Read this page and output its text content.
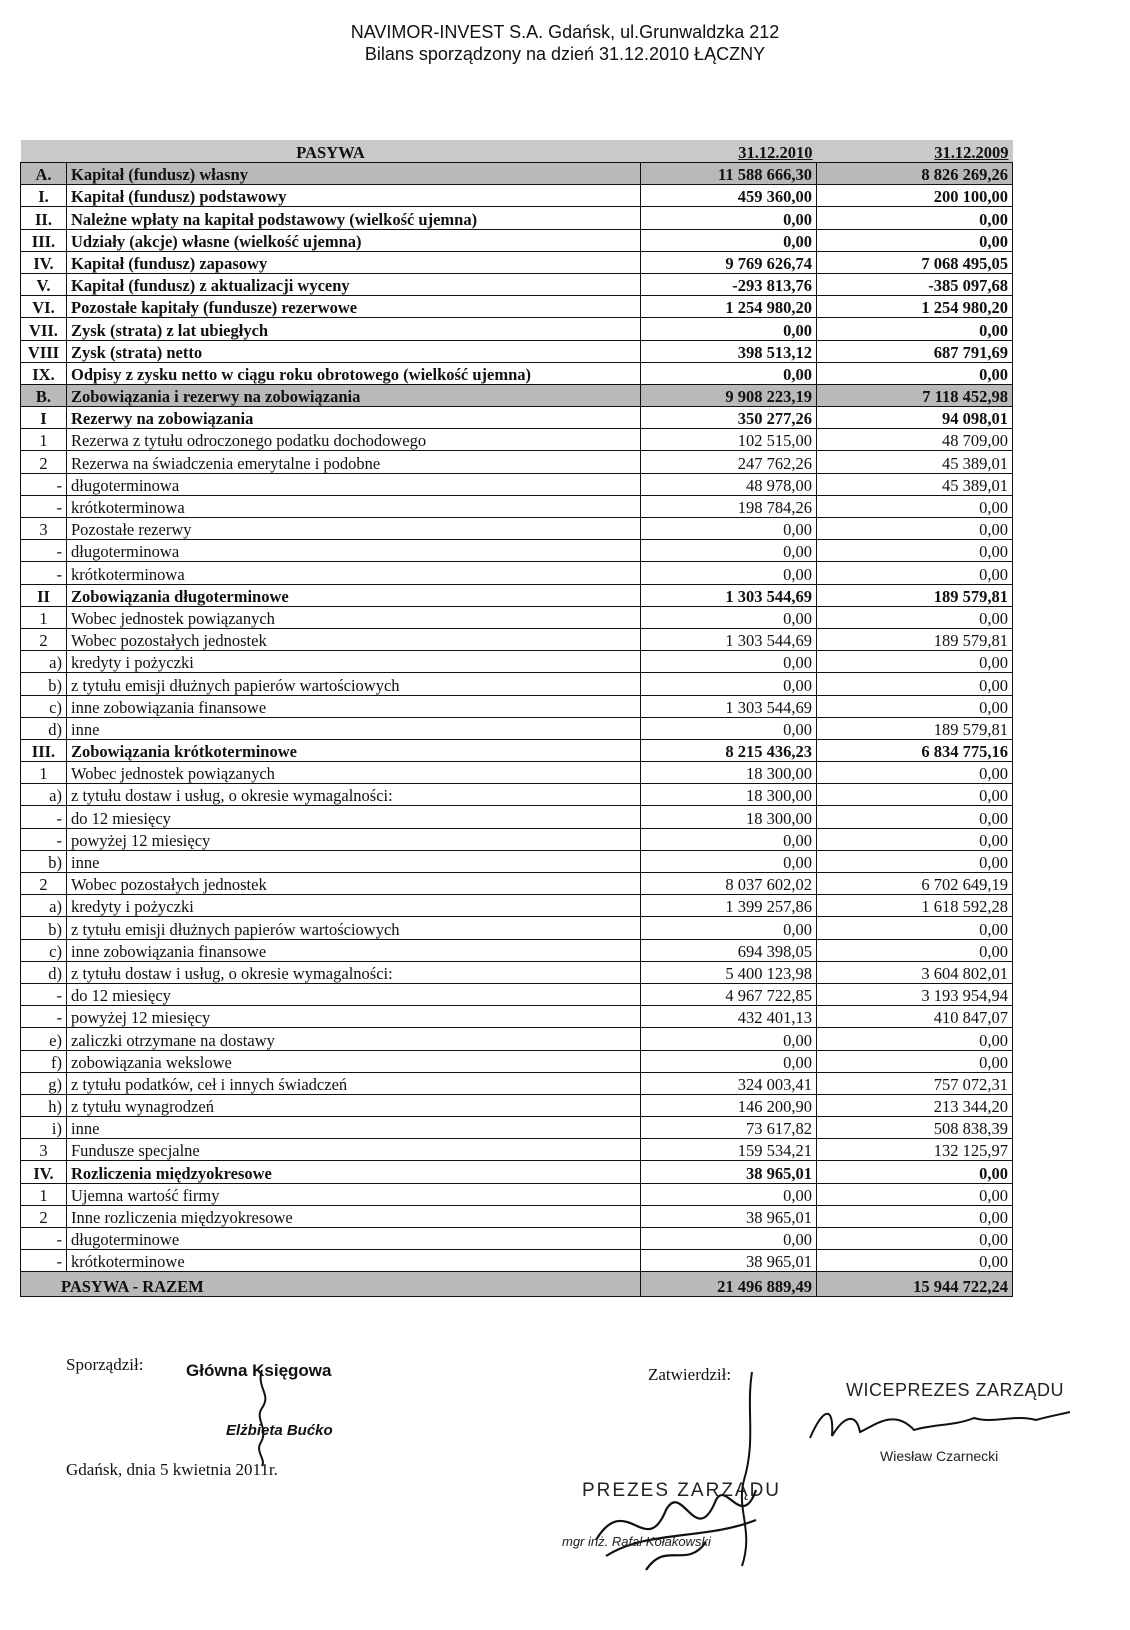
NAVIMOR-INVEST S.A. Gdańsk, ul.Grunwaldzka 212
Bilans sporządzony na dzień 31.12.2010 ŁĄCZNY
PASYWA		31.12.2010	31.12.2009
A.	Kapitał (fundusz) własny	11 588 666,30	8 826 269,26
I.	Kapitał (fundusz) podstawowy	459 360,00	200 100,00
II.	Należne wpłaty na kapitał podstawowy (wielkość ujemna)	0,00	0,00
III.	Udziały (akcje) własne (wielkość ujemna)	0,00	0,00
IV.	Kapitał (fundusz) zapasowy	9 769 626,74	7 068 495,05
V.	Kapitał (fundusz) z aktualizacji wyceny	-293 813,76	-385 097,68
VI.	Pozostałe kapitały (fundusze) rezerwowe	1 254 980,20	1 254 980,20
VII.	Zysk (strata) z lat ubiegłych	0,00	0,00
VIII	Zysk (strata) netto	398 513,12	687 791,69
IX.	Odpisy z zysku netto w ciągu roku obrotowego (wielkość ujemna)	0,00	0,00
B.	Zobowiązania i rezerwy na zobowiązania	9 908 223,19	7 118 452,98
I	Rezerwy na zobowiązania	350 277,26	94 098,01
1	Rezerwa z tytułu odroczonego podatku dochodowego	102 515,00	48 709,00
2	Rezerwa na świadczenia emerytalne i podobne	247 762,26	45 389,01
-	długoterminowa	48 978,00	45 389,01
-	krótkoterminowa	198 784,26	0,00
3	Pozostałe rezerwy	0,00	0,00
-	długoterminowa	0,00	0,00
-	krótkoterminowa	0,00	0,00
II	Zobowiązania długoterminowe	1 303 544,69	189 579,81
1	Wobec jednostek powiązanych	0,00	0,00
2	Wobec pozostałych jednostek	1 303 544,69	189 579,81
a)	kredyty i pożyczki	0,00	0,00
b)	z tytułu emisji dłużnych papierów wartościowych	0,00	0,00
c)	inne zobowiązania finansowe	1 303 544,69	0,00
d)	inne	0,00	189 579,81
III.	Zobowiązania krótkoterminowe	8 215 436,23	6 834 775,16
1	Wobec jednostek powiązanych	18 300,00	0,00
a)	z tytułu dostaw i usług, o okresie wymagalności:	18 300,00	0,00
-	do 12 miesięcy	18 300,00	0,00
-	powyżej 12 miesięcy	0,00	0,00
b)	inne	0,00	0,00
2	Wobec pozostałych jednostek	8 037 602,02	6 702 649,19
a)	kredyty i pożyczki	1 399 257,86	1 618 592,28
b)	z tytułu emisji dłużnych papierów wartościowych	0,00	0,00
c)	inne zobowiązania finansowe	694 398,05	0,00
d)	z tytułu dostaw i usług, o okresie wymagalności:	5 400 123,98	3 604 802,01
-	do 12 miesięcy	4 967 722,85	3 193 954,94
-	powyżej 12 miesięcy	432 401,13	410 847,07
e)	zaliczki otrzymane na dostawy	0,00	0,00
f)	zobowiązania wekslowe	0,00	0,00
g)	z tytułu podatków, ceł i innych świadczeń	324 003,41	757 072,31
h)	z tytułu wynagrodzeń	146 200,90	213 344,20
i)	inne	73 617,82	508 838,39
3	Fundusze specjalne	159 534,21	132 125,97
IV.	Rozliczenia międzyokresowe	38 965,01	0,00
1	Ujemna wartość firmy	0,00	0,00
2	Inne rozliczenia międzyokresowe	38 965,01	0,00
-	długoterminowe	0,00	0,00
-	krótkoterminowe	38 965,01	0,00
PASYWA - RAZEM		21 496 889,49	15 944 722,24
Sporządził:	Główna Księgowa
Elżbieta Bućko
Gdańsk, dnia 5 kwietnia 2011r.
Zatwierdził:
WICEPREZES ZARZĄDU
Wiesław Czarnecki
PREZES ZARZĄDU
mgr inż. Rafał Kołakowski
